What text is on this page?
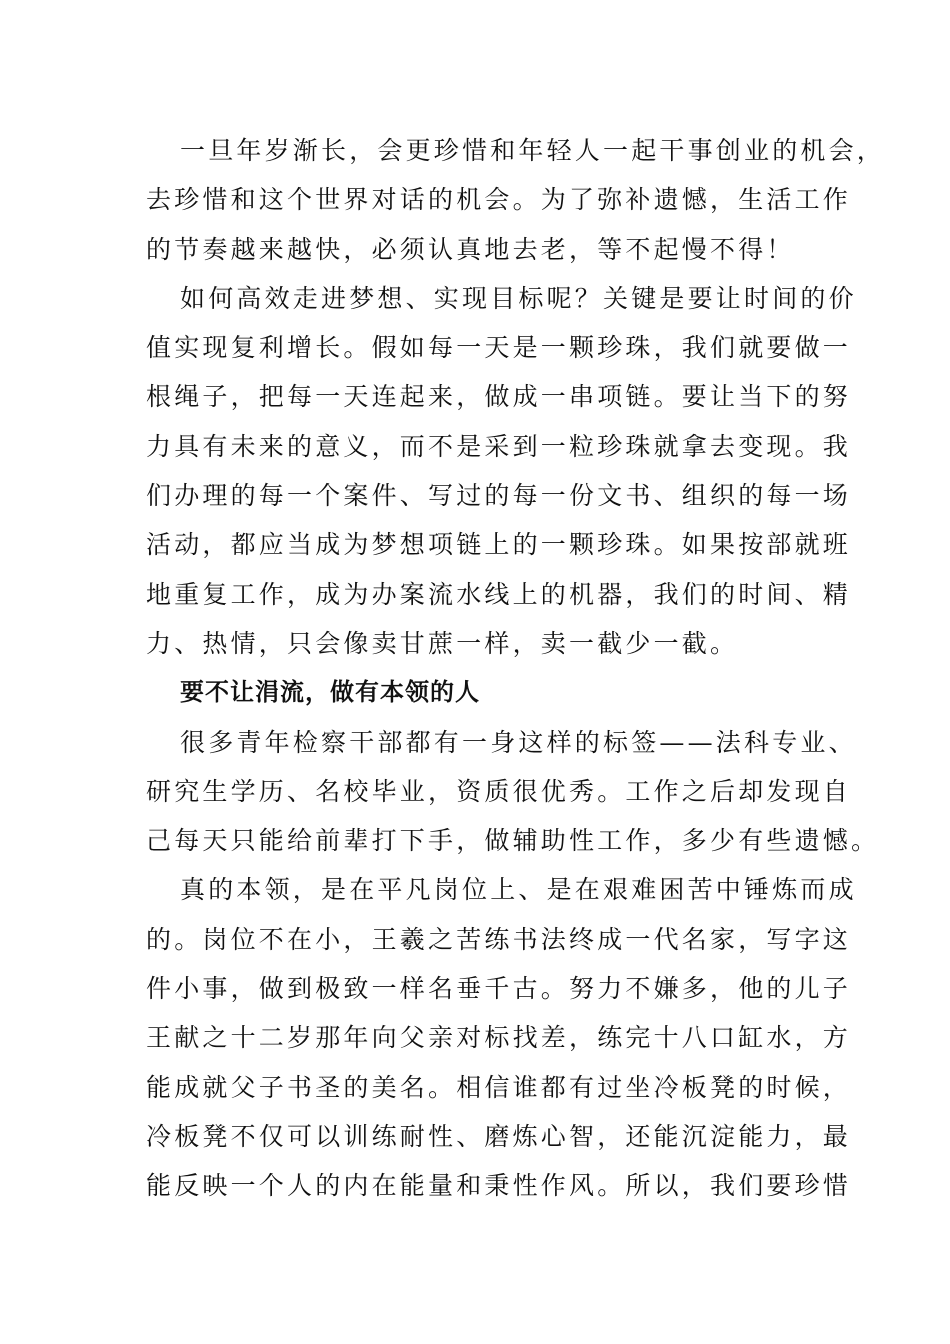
一旦年岁渐长，会更珍惜和年轻人一起干事创业的机会，
去珍惜和这个世界对话的机会。为了弥补遗憾，生活工作
的节奏越来越快，必须认真地去老，等不起慢不得！
如何高效走进梦想、实现目标呢？关键是要让时间的价
值实现复利增长。假如每一天是一颗珍珠，我们就要做一
根绳子，把每一天连起来，做成一串项链。要让当下的努
力具有未来的意义，而不是采到一粒珍珠就拿去变现。我
们办理的每一个案件、写过的每一份文书、组织的每一场
活动，都应当成为梦想项链上的一颗珍珠。如果按部就班
地重复工作，成为办案流水线上的机器，我们的时间、精
力、热情，只会像卖甘蔗一样，卖一截少一截。
要不让涓流，做有本领的人
很多青年检察干部都有一身这样的标签——法科专业、
研究生学历、名校毕业，资质很优秀。工作之后却发现自
己每天只能给前辈打下手，做辅助性工作，多少有些遗憾。
真的本领，是在平凡岗位上、是在艰难困苦中锤炼而成
的。岗位不在小，王羲之苦练书法终成一代名家，写字这
件小事，做到极致一样名垂千古。努力不嫌多，他的儿子
王献之十二岁那年向父亲对标找差，练完十八口缸水，方
能成就父子书圣的美名。相信谁都有过坐冷板凳的时候，
冷板凳不仅可以训练耐性、磨炼心智，还能沉淀能力，最
能反映一个人的内在能量和秉性作风。所以，我们要珍惜
